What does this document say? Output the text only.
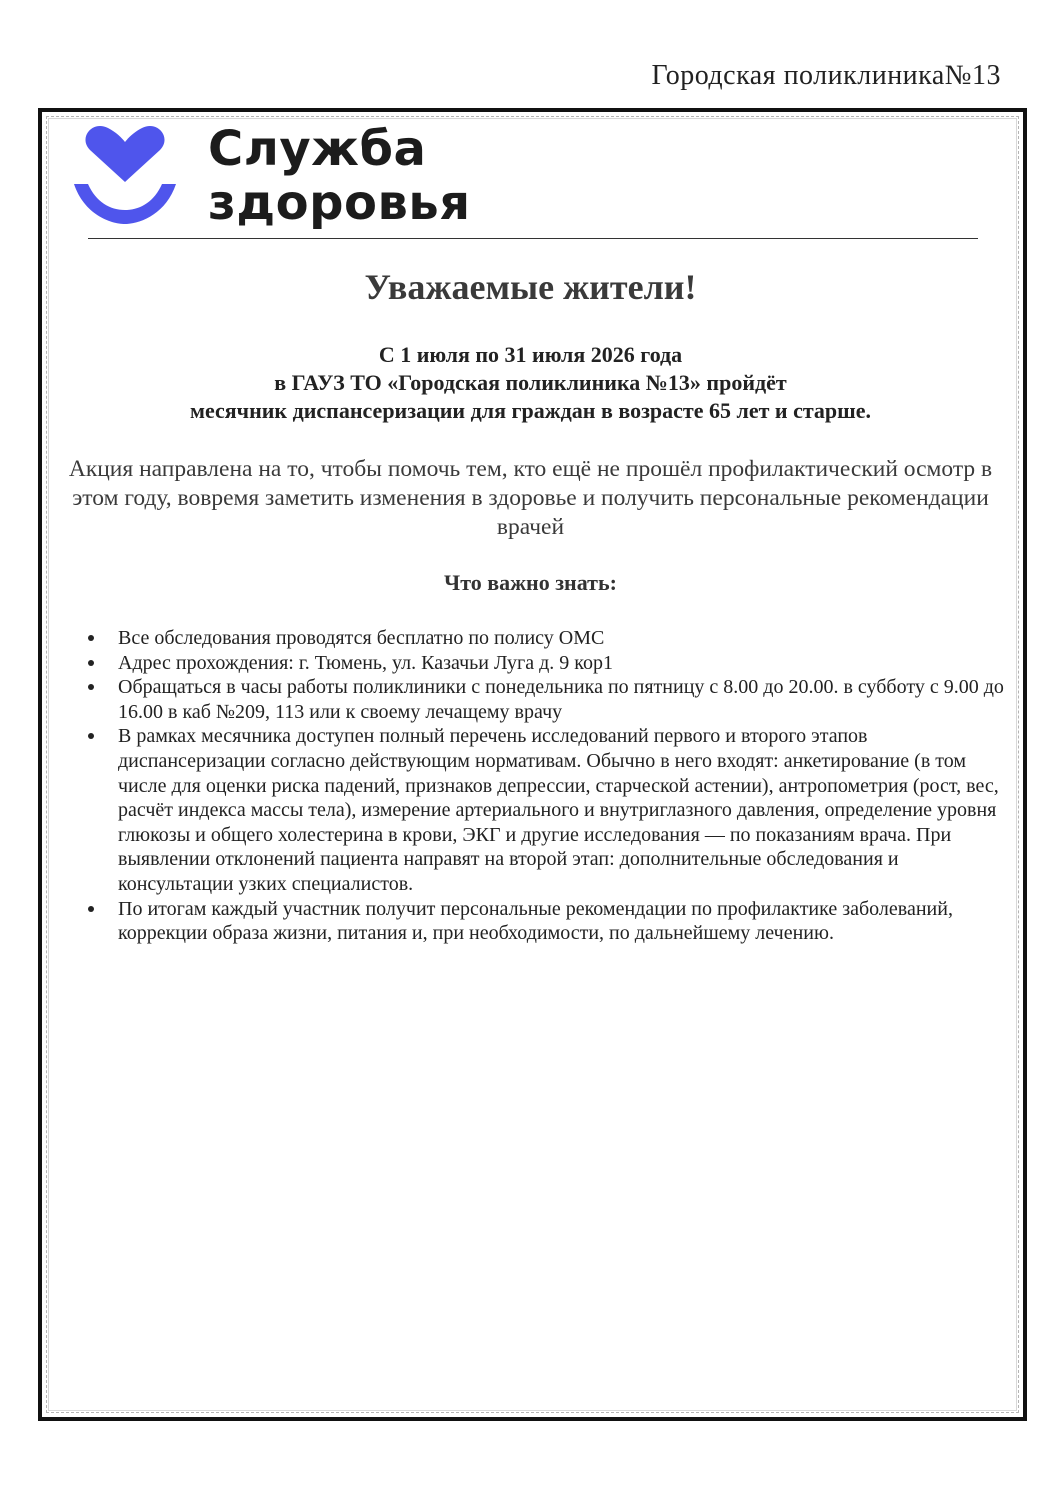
Городская поликлиника№13
Служба
здоровья
Уважаемые жители!
С 1 июля по 31 июля 2026 года
в ГАУЗ ТО «Городская поликлиника №13» пройдёт
месячник диспансеризации для граждан в возрасте 65 лет и старше.
Акция направлена на то, чтобы помочь тем, кто ещё не прошёл профилактический осмотр в этом году, вовремя заметить изменения в здоровье и получить персональные рекомендации врачей
Что важно знать:
Все обследования проводятся бесплатно по полису ОМС
Адрес прохождения: г. Тюмень, ул. Казачьи Луга д. 9 кор1
Обращаться в часы работы поликлиники с понедельника по пятницу с 8.00 до 20.00. в субботу с 9.00 до 16.00 в каб №209, 113 или к своему лечащему врачу
В рамках месячника доступен полный перечень исследований первого и второго этапов диспансеризации согласно действующим нормативам. Обычно в него входят: анкетирование (в том числе для оценки риска падений, признаков депрессии, старческой астении), антропометрия (рост, вес, расчёт индекса массы тела), измерение артериального и внутриглазного давления, определение уровня глюкозы и общего холестерина в крови, ЭКГ и другие исследования — по показаниям врача. При выявлении отклонений пациента направят на второй этап: дополнительные обследования и консультации узких специалистов.
По итогам каждый участник получит персональные рекомендации по профилактике заболеваний, коррекции образа жизни, питания и, при необходимости, по дальнейшему лечению.
